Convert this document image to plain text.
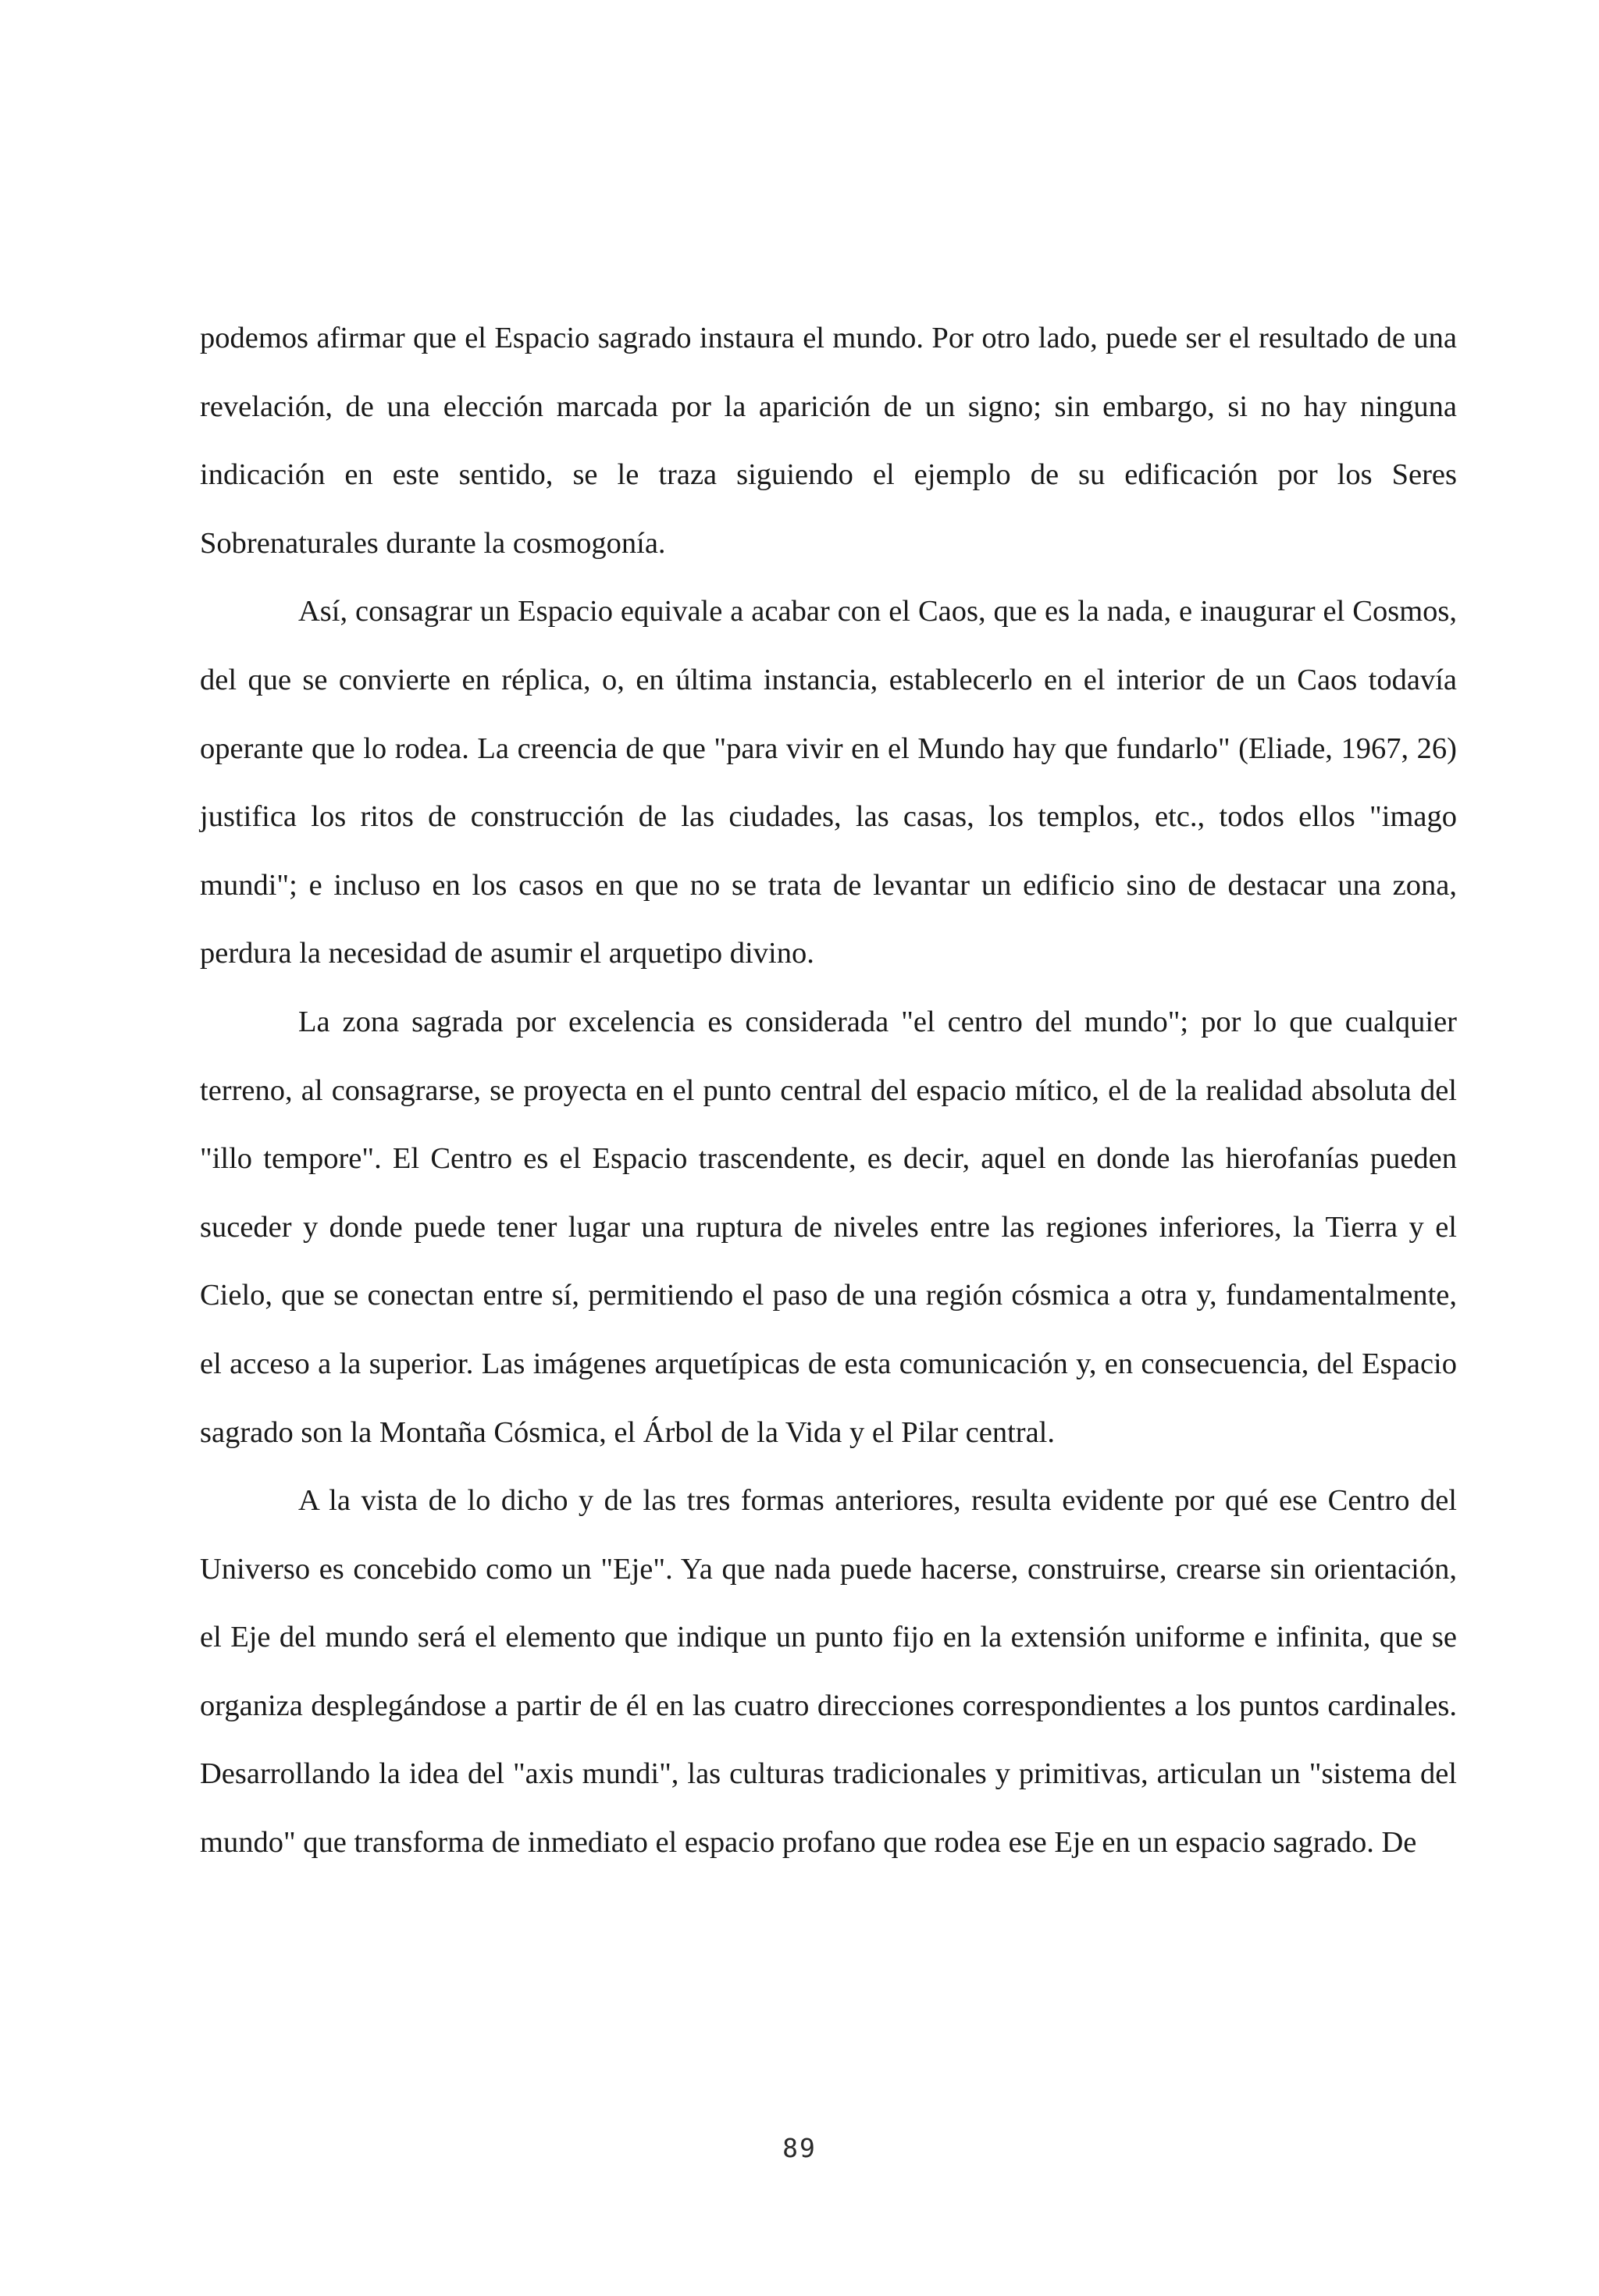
podemos afirmar que el Espacio sagrado instaura el mundo. Por otro lado, puede ser el resultado de una revelación, de una elección marcada por la aparición de un signo; sin embargo, si no hay ninguna indicación en este sentido, se le traza siguiendo el ejemplo de su edificación por los Seres Sobrenaturales durante la cosmogonía.

Así, consagrar un Espacio equivale a acabar con el Caos, que es la nada, e inaugurar el Cosmos, del que se convierte en réplica, o, en última instancia, establecerlo en el interior de un Caos todavía operante que lo rodea. La creencia de que "para vivir en el Mundo hay que fundarlo" (Eliade, 1967, 26) justifica los ritos de construcción de las ciudades, las casas, los templos, etc., todos ellos "imago mundi"; e incluso en los casos en que no se trata de levantar un edificio sino de destacar una zona, perdura la necesidad de asumir el arquetipo divino.

La zona sagrada por excelencia es considerada "el centro del mundo"; por lo que cualquier terreno, al consagrarse, se proyecta en el punto central del espacio mítico, el de la realidad absoluta del "illo tempore". El Centro es el Espacio trascendente, es decir, aquel en donde las hierofanías pueden suceder y donde puede tener lugar una ruptura de niveles entre las regiones inferiores, la Tierra y el Cielo, que se conectan entre sí, permitiendo el paso de una región cósmica a otra y, fundamentalmente, el acceso a la superior. Las imágenes arquetípicas de esta comunicación y, en consecuencia, del Espacio sagrado son la Montaña Cósmica, el Árbol de la Vida y el Pilar central.

A la vista de lo dicho y de las tres formas anteriores, resulta evidente por qué ese Centro del Universo es concebido como un "Eje". Ya que nada puede hacerse, construirse, crearse sin orientación, el Eje del mundo será el elemento que indique un punto fijo en la extensión uniforme e infinita, que se organiza desplegándose a partir de él en las cuatro direcciones correspondientes a los puntos cardinales. Desarrollando la idea del "axis mundi", las culturas tradicionales y primitivas, articulan un "sistema del mundo" que transforma de inmediato el espacio profano que rodea ese Eje en un espacio sagrado. De

89
